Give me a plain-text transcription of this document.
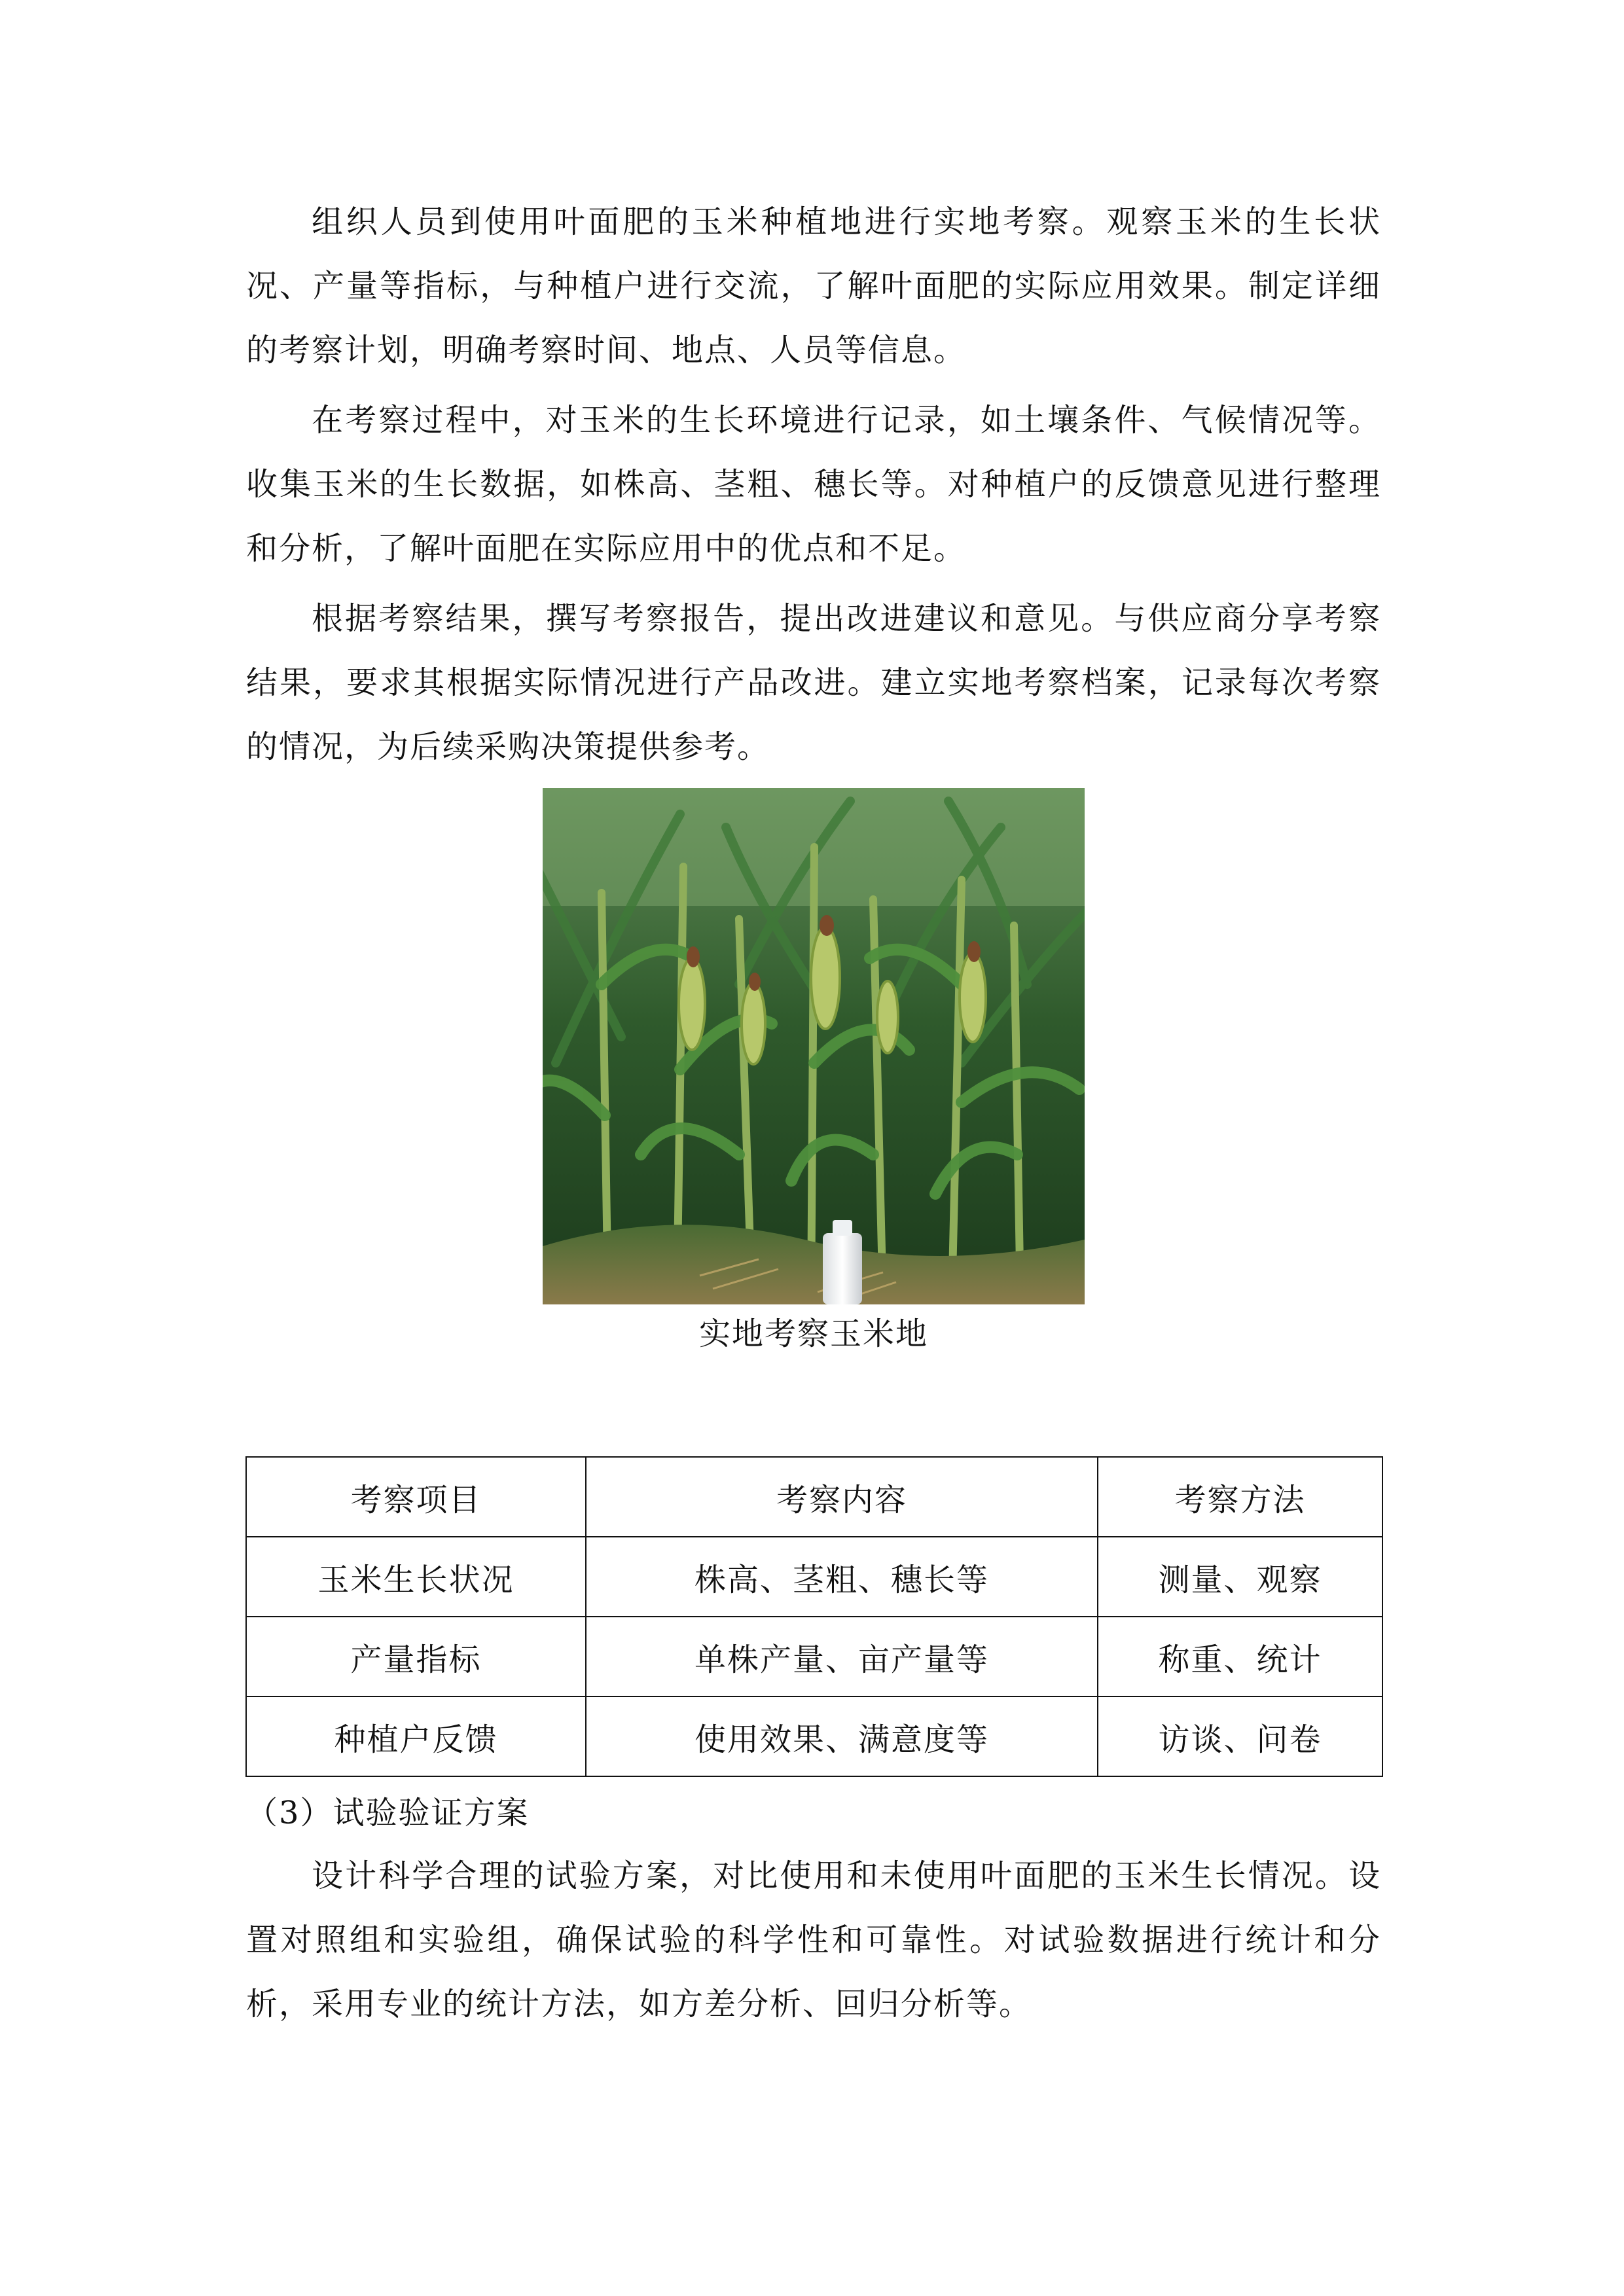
组织人员到使用叶面肥的玉米种植地进行实地考察。观察玉米的生长状况、产量等指标，与种植户进行交流，了解叶面肥的实际应用效果。制定详细的考察计划，明确考察时间、地点、人员等信息。

在考察过程中，对玉米的生长环境进行记录，如土壤条件、气候情况等。收集玉米的生长数据，如株高、茎粗、穗长等。对种植户的反馈意见进行整理和分析，了解叶面肥在实际应用中的优点和不足。

根据考察结果，撰写考察报告，提出改进建议和意见。与供应商分享考察结果，要求其根据实际情况进行产品改进。建立实地考察档案，记录每次考察的情况，为后续采购决策提供参考。

实地考察玉米地
考察项目	考察内容	考察方法
玉米生长状况	株高、茎粗、穗长等	测量、观察
产量指标	单株产量、亩产量等	称重、统计
种植户反馈	使用效果、满意度等	访谈、问卷

（3）试验验证方案

设计科学合理的试验方案，对比使用和未使用叶面肥的玉米生长情况。设置对照组和实验组，确保试验的科学性和可靠性。对试验数据进行统计和分析，采用专业的统计方法，如方差分析、回归分析等。
